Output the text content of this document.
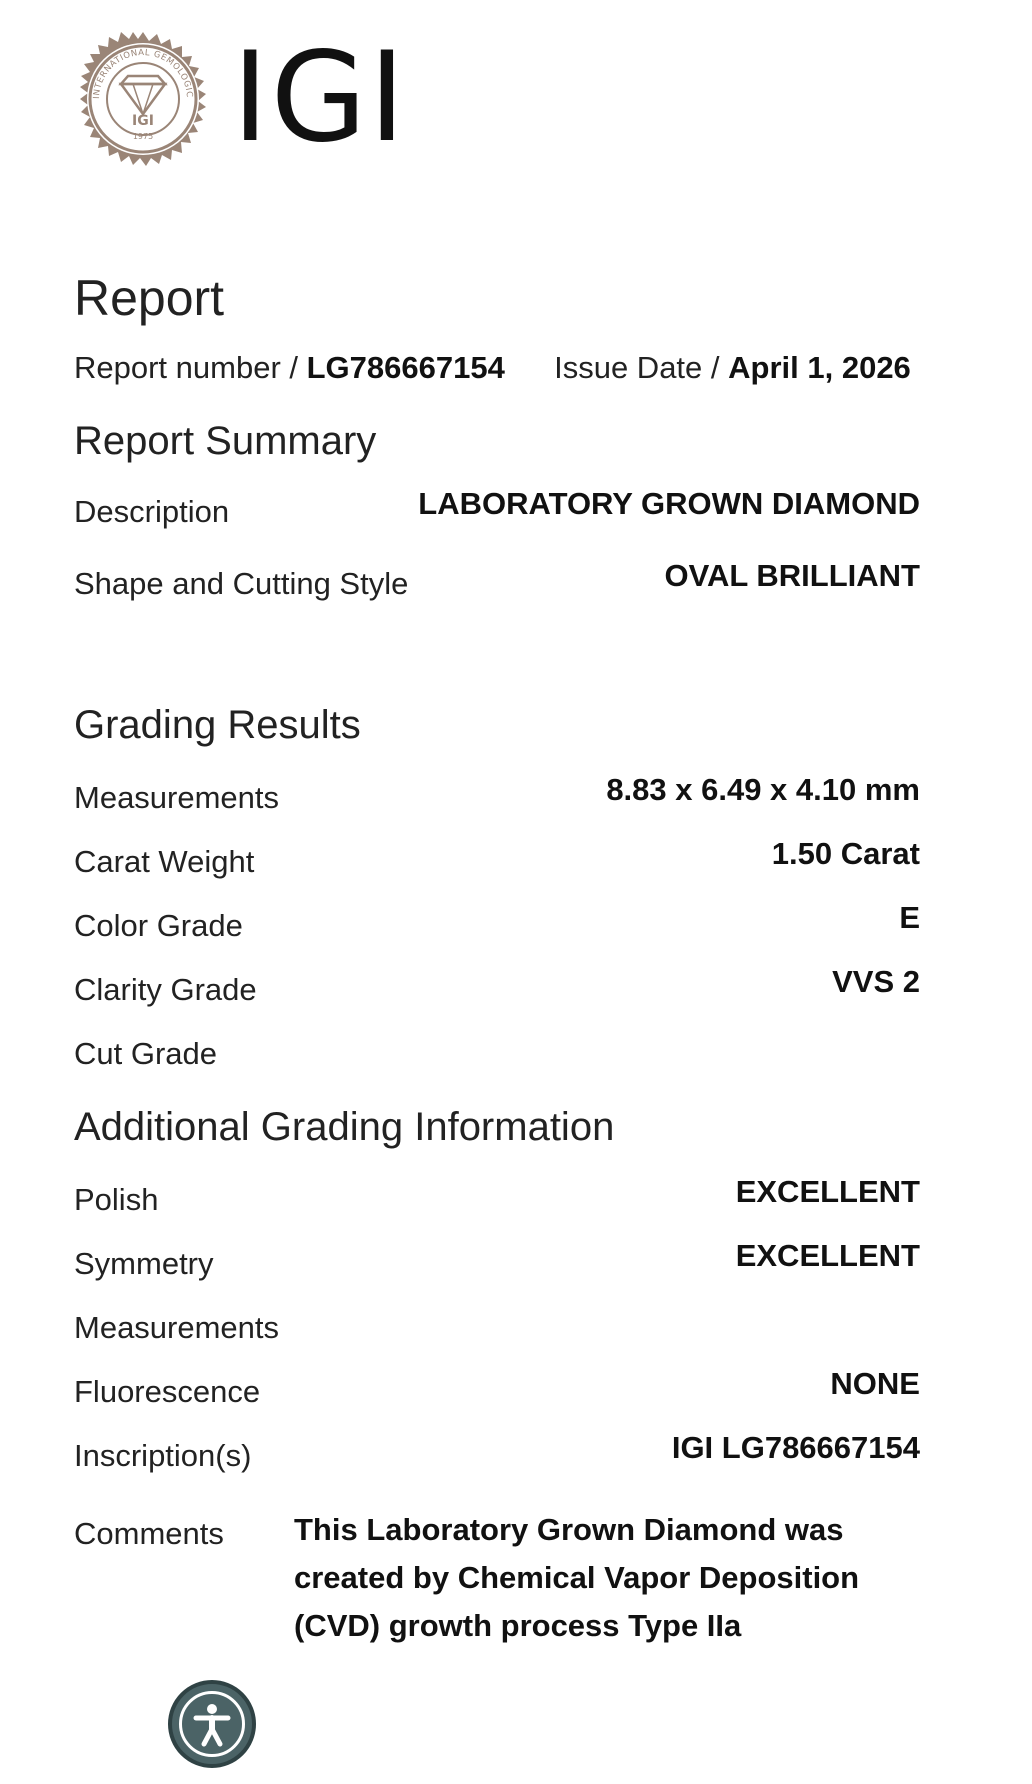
INTERNATIONAL GEMOLOGIC
IGI
1975 IGI
Report
Report number / LG786667154 Issue Date / April 1, 2026
Report Summary
Description	LABORATORY GROWN DIAMOND
Shape and Cutting Style	OVAL BRILLIANT
Grading Results
Measurements	8.83 x 6.49 x 4.10 mm
Carat Weight	1.50 Carat
Color Grade	E
Clarity Grade	VVS 2
Cut Grade
Additional Grading Information
Polish	EXCELLENT
Symmetry	EXCELLENT
Measurements
Fluorescence	NONE
Inscription(s)	IGI LG786667154
Comments This Laboratory Grown Diamond was created by Chemical Vapor Deposition (CVD) growth process Type IIa
